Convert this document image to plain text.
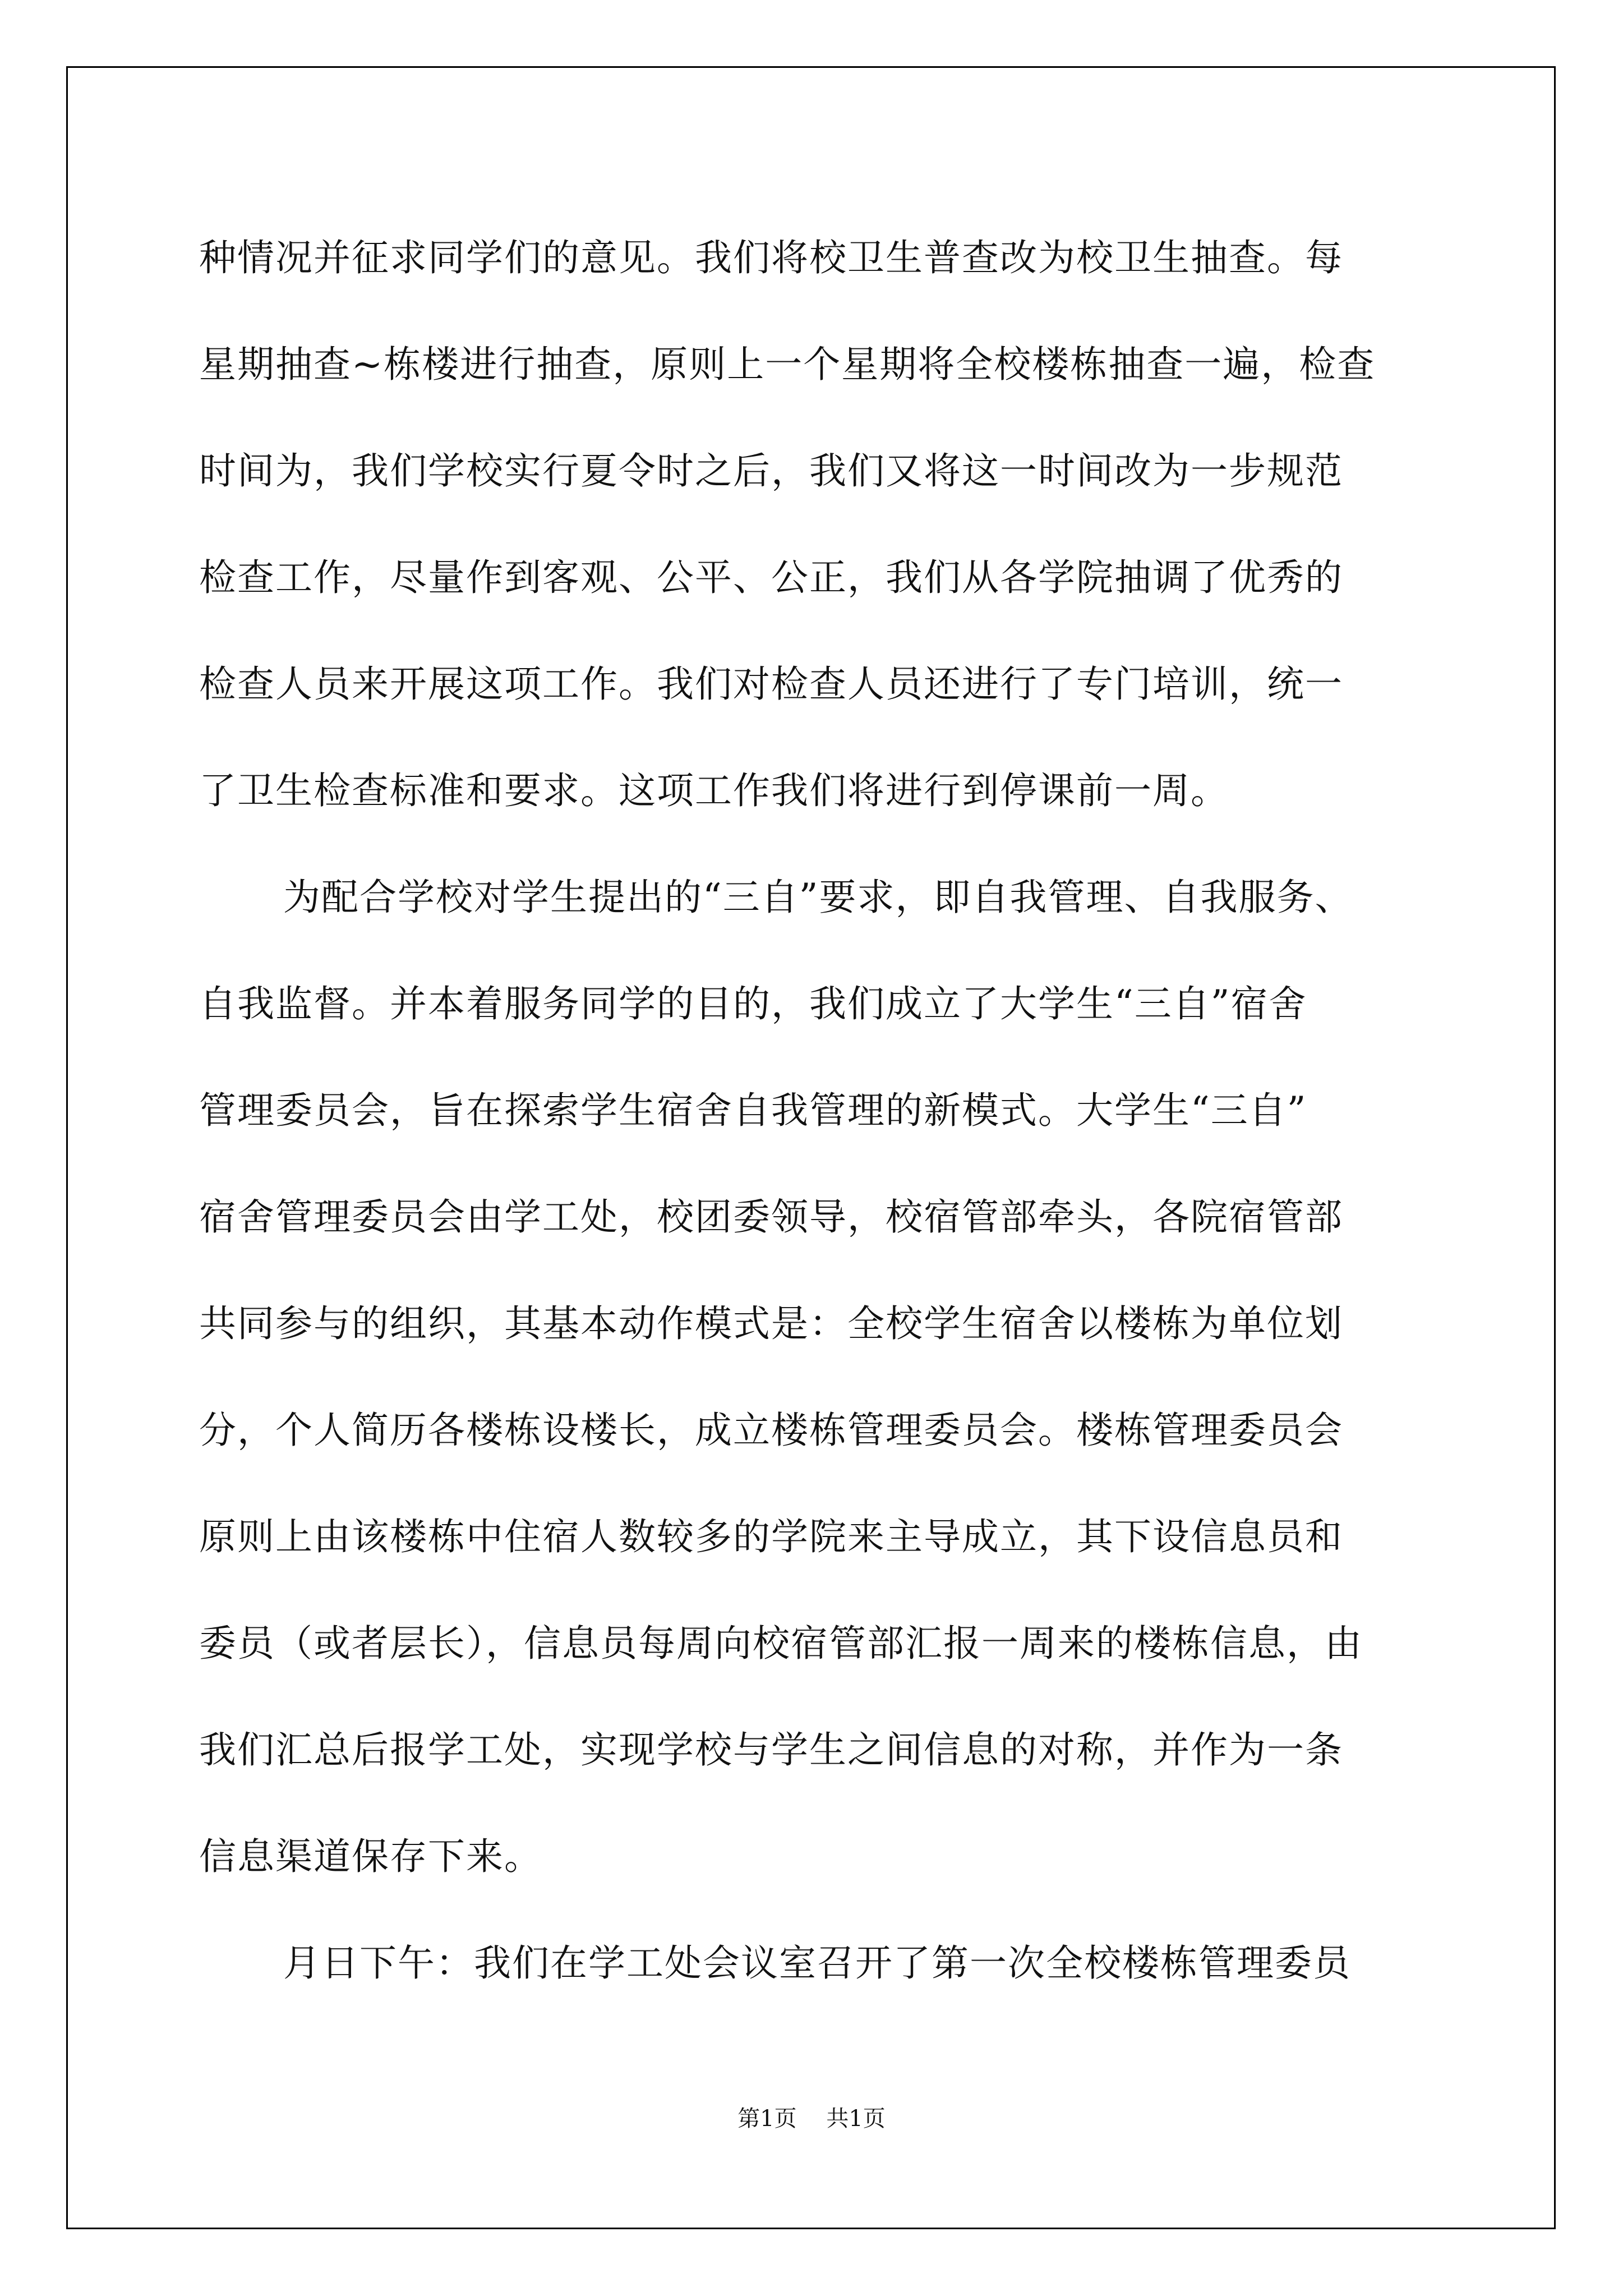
种情况并征求同学们的意见。我们将校卫生普查改为校卫生抽查。每
星期抽查~栋楼进行抽查，原则上一个星期将全校楼栋抽查一遍，检查
时间为，我们学校实行夏令时之后，我们又将这一时间改为一步规范
检查工作，尽量作到客观、公平、公正，我们从各学院抽调了优秀的
检查人员来开展这项工作。我们对检查人员还进行了专门培训，统一
了卫生检查标准和要求。这项工作我们将进行到停课前一周。
为配合学校对学生提出的“三自”要求，即自我管理、自我服务、
自我监督。并本着服务同学的目的，我们成立了大学生“三自”宿舍
管理委员会，旨在探索学生宿舍自我管理的新模式。大学生“三自”
宿舍管理委员会由学工处，校团委领导，校宿管部牵头，各院宿管部
共同参与的组织，其基本动作模式是：全校学生宿舍以楼栋为单位划
分，个人简历各楼栋设楼长，成立楼栋管理委员会。楼栋管理委员会
原则上由该楼栋中住宿人数较多的学院来主导成立，其下设信息员和
委员（或者层长），信息员每周向校宿管部汇报一周来的楼栋信息，由
我们汇总后报学工处，实现学校与学生之间信息的对称，并作为一条
信息渠道保存下来。
月日下午：我们在学工处会议室召开了第一次全校楼栋管理委员
第1页 共1页
